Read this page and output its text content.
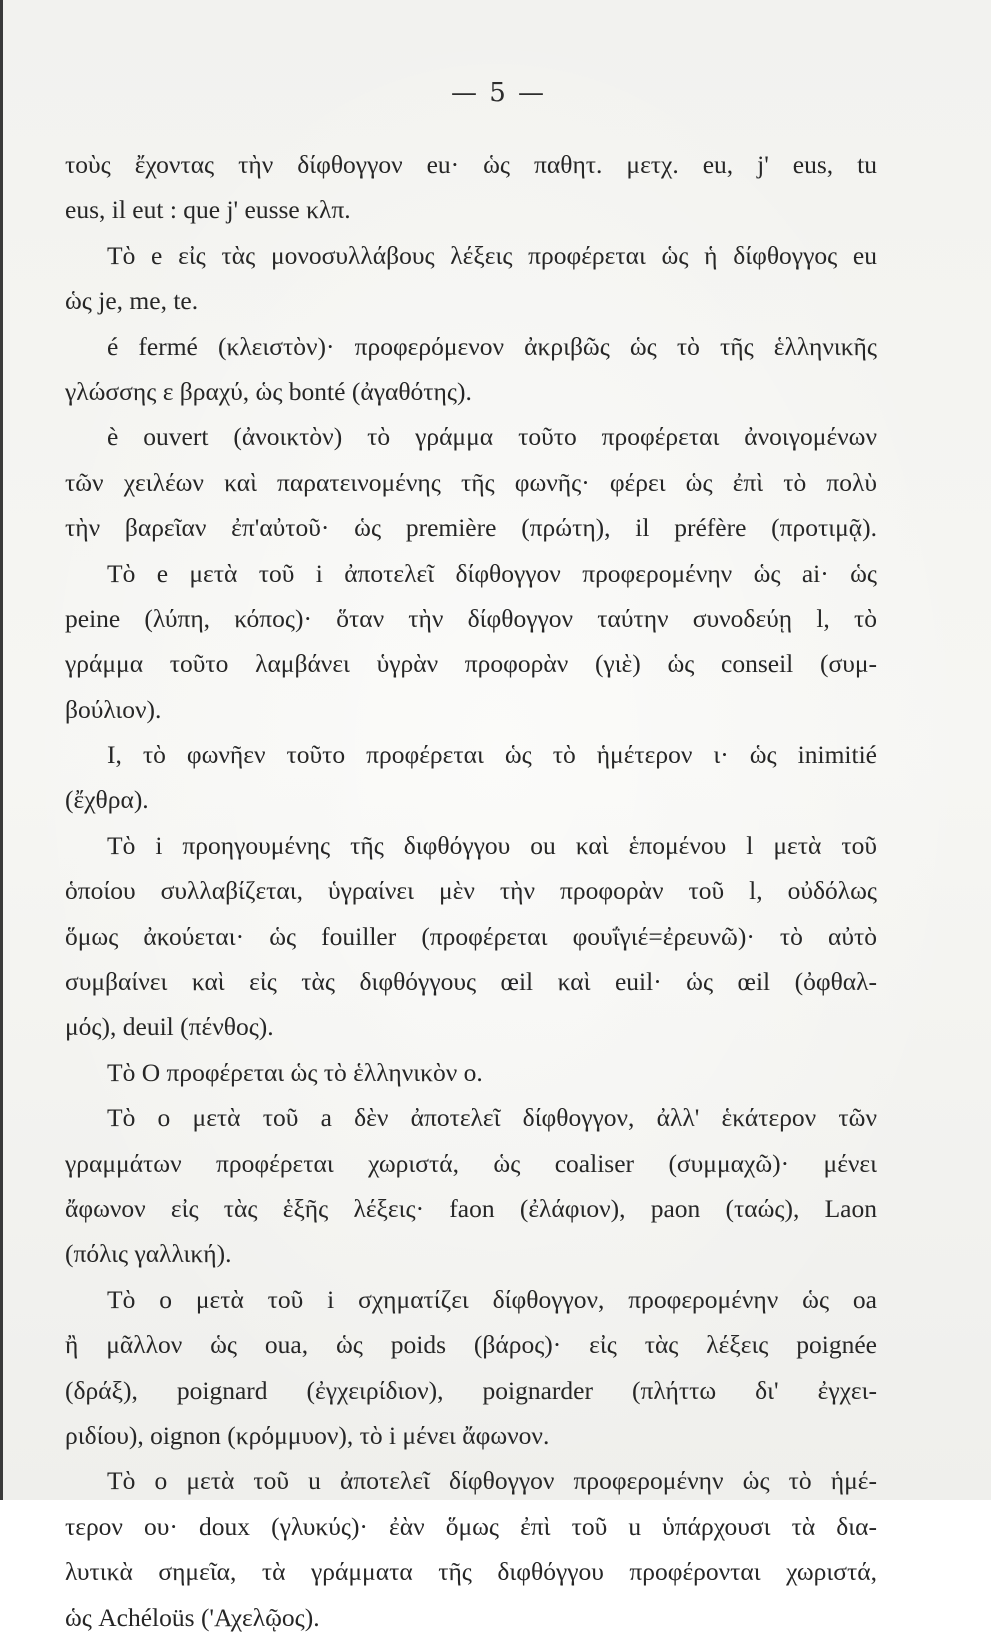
— 5 —
τοὺς ἔχοντας τὴν δίφθογγον eu· ὡς παθητ. μετχ. eu, j' eus, tu
eus, il eut : que j' eusse κλπ.
Τὸ e εἰς τὰς μονοσυλλάβους λέξεις προφέρεται ὡς ἡ δίφθογγος eu
ὡς je, me, te.
é fermé (κλειστὸν)· προφερόμενον ἀκριβῶς ὡς τὸ τῆς ἑλληνικῆς
γλώσσης ε βραχύ, ὡς bonté (ἀγαθότης).
è ouvert (ἀνοικτὸν) τὸ γράμμα τοῦτο προφέρεται ἀνοιγομένων
τῶν χειλέων καὶ παρατεινομένης τῆς φωνῆς· φέρει ὡς ἐπὶ τὸ πολὺ
τὴν βαρεῖαν ἐπ'αὐτοῦ· ὡς première (πρώτη), il préfère (προτιμᾷ).
Τὸ e μετὰ τοῦ i ἀποτελεῖ δίφθογγον προφερομένην ὡς ai· ὡς
peine (λύπη, κόπος)· ὅταν τὴν δίφθογγον ταύτην συνοδεύῃ l, τὸ
γράμμα τοῦτο λαμβάνει ὑγρὰν προφορὰν (γιὲ) ὡς conseil (συμ-
βούλιον).
I, τὸ φωνῆεν τοῦτο προφέρεται ὡς τὸ ἡμέτερον ι· ὡς inimitié
(ἔχθρα).
Τὸ i προηγουμένης τῆς διφθόγγου ou καὶ ἑπομένου l μετὰ τοῦ
ὁποίου συλλαβίζεται, ὑγραίνει μὲν τὴν προφορὰν τοῦ l, οὐδόλως
ὅμως ἀκούεται· ὡς fouiller (προφέρεται φουΐγιέ=ἐρευνῶ)· τὸ αὐτὸ
συμβαίνει καὶ εἰς τὰς διφθόγγους œil καὶ euil· ὡς œil (ὀφθαλ-
μός), deuil (πένθος).
Τὸ O προφέρεται ὡς τὸ ἑλληνικὸν ο.
Τὸ o μετὰ τοῦ a δὲν ἀποτελεῖ δίφθογγον, ἀλλ' ἑκάτερον τῶν
γραμμάτων προφέρεται χωριστά, ὡς coaliser (συμμαχῶ)· μένει
ἄφωνον εἰς τὰς ἑξῆς λέξεις· faon (ἐλάφιον), paon (ταώς), Laon
(πόλις γαλλική).
Τὸ o μετὰ τοῦ i σχηματίζει δίφθογγον, προφερομένην ὡς oa
ἢ μᾶλλον ὡς oua, ὡς poids (βάρος)· εἰς τὰς λέξεις poignée
(δράξ), poignard (ἐγχειρίδιον), poignarder (πλήττω δι' ἐγχει-
ριδίου), oignon (κρόμμυον), τὸ i μένει ἄφωνον.
Τὸ o μετὰ τοῦ u ἀποτελεῖ δίφθογγον προφερομένην ὡς τὸ ἡμέ-
τερον ου· doux (γλυκύς)· ἐὰν ὅμως ἐπὶ τοῦ u ὑπάρχουσι τὰ δια-
λυτικὰ σημεῖα, τὰ γράμματα τῆς διφθόγγου προφέρονται χωριστά,
ὡς Achéloüs ('Αχελῷος).
